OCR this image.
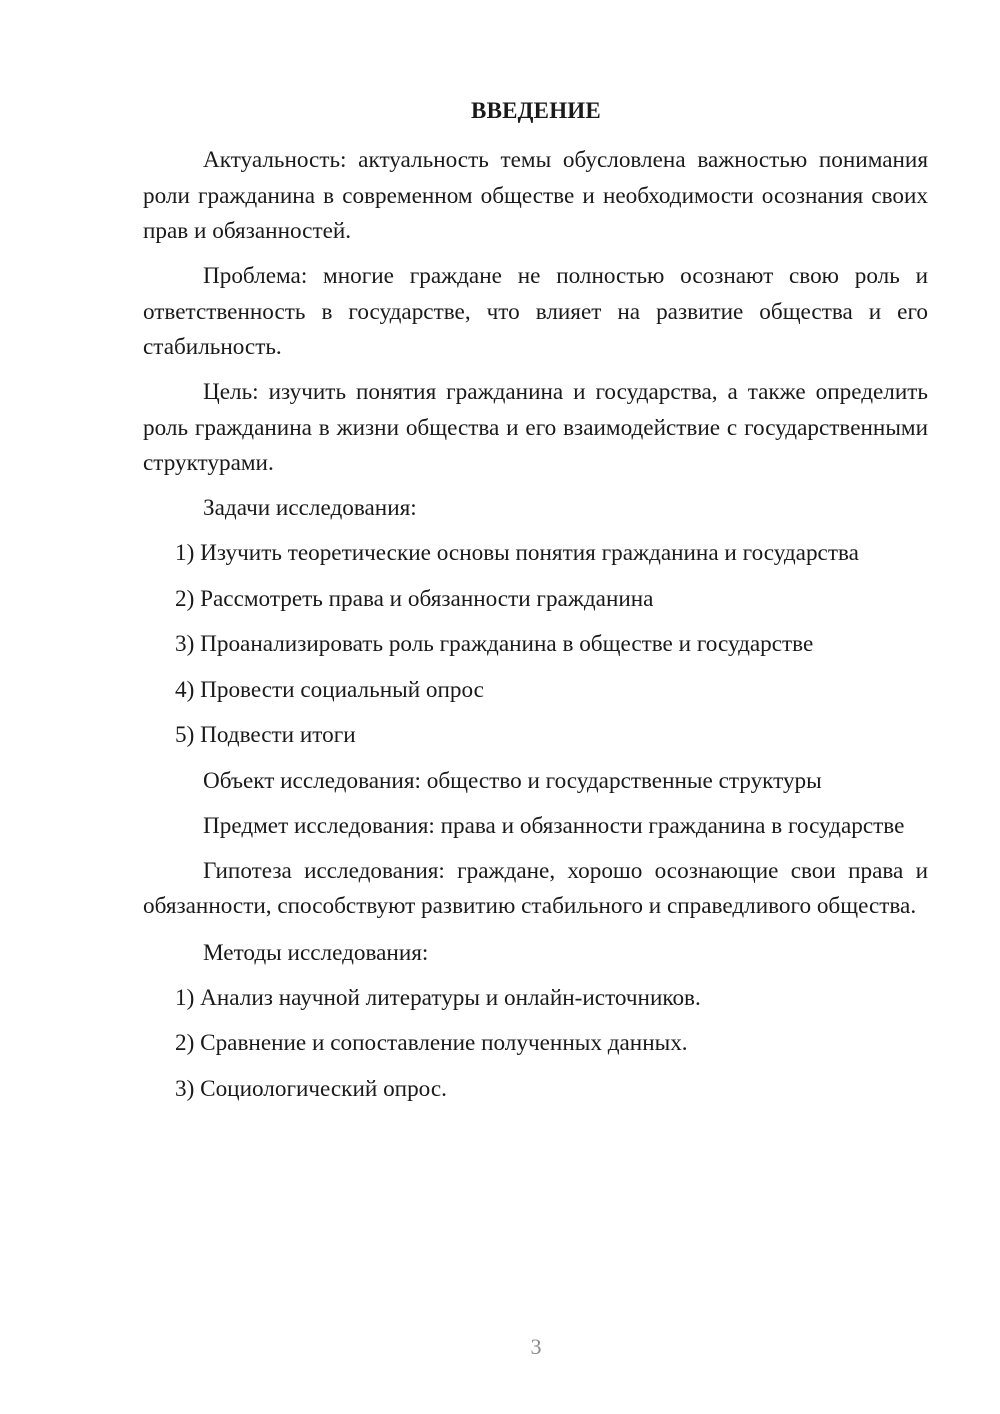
ВВЕДЕНИЕ

Актуальность: актуальность темы обусловлена важностью понимания роли гражданина в современном обществе и необходимости осознания своих прав и обязанностей.

Проблема: многие граждане не полностью осознают свою роль и ответственность в государстве, что влияет на развитие общества и его стабильность.

Цель: изучить понятия гражданина и государства, а также определить роль гражданина в жизни общества и его взаимодействие с государственными структурами.

Задачи исследования:

1) Изучить теоретические основы понятия гражданина и государства

2) Рассмотреть права и обязанности гражданина

3) Проанализировать роль гражданина в обществе и государстве

4) Провести социальный опрос

5) Подвести итоги

Объект исследования: общество и государственные структуры

Предмет исследования: права и обязанности гражданина в государстве

Гипотеза исследования: граждане, хорошо осознающие свои права и обязанности, способствуют развитию стабильного и справедливого общества.

Методы исследования:

1) Анализ научной литературы и онлайн-источников.

2) Сравнение и сопоставление полученных данных.

3) Социологический опрос.

3
